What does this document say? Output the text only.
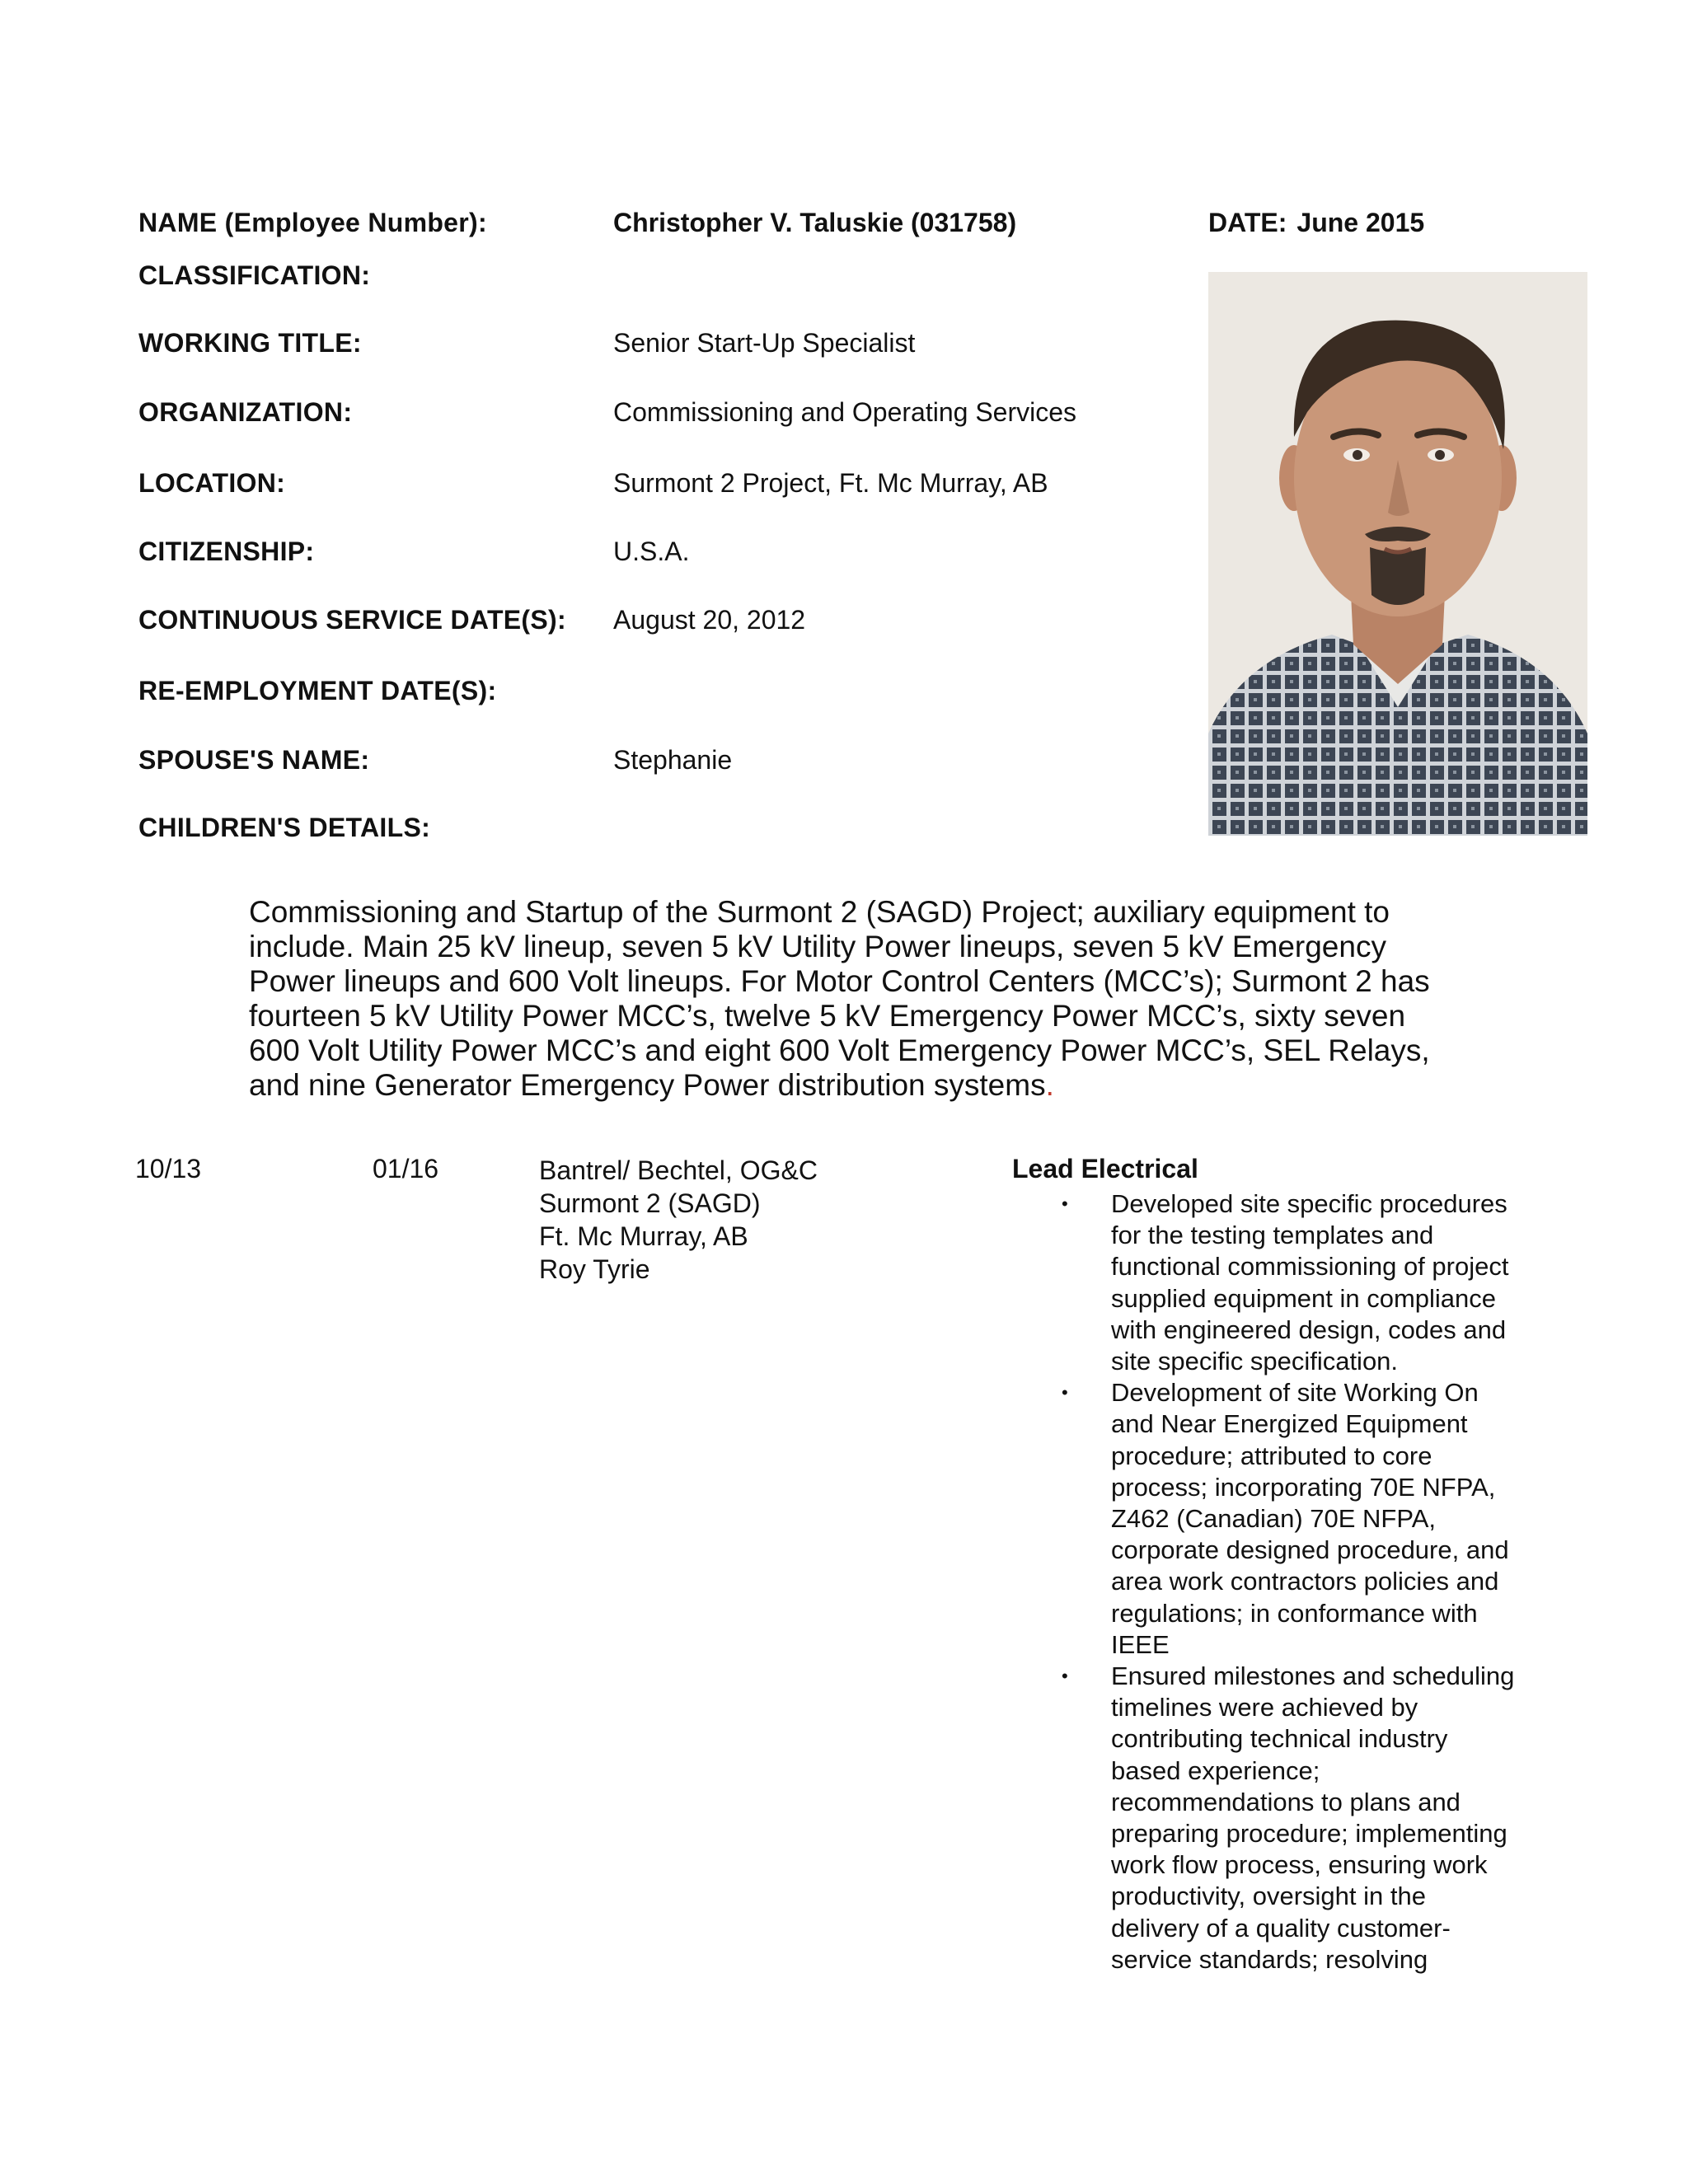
NAME (Employee Number):	Christopher V. Taluskie (031758)
CLASSIFICATION:
WORKING TITLE:	Senior Start-Up Specialist
ORGANIZATION:	Commissioning and Operating Services
LOCATION:	Surmont 2 Project, Ft. Mc Murray, AB
CITIZENSHIP:	U.S.A.
CONTINUOUS SERVICE DATE(S): August 20, 2012
RE-EMPLOYMENT DATE(S):
SPOUSE'S NAME:	Stephanie
CHILDREN'S DETAILS:
DATE: June 2015
Commissioning and Startup of the Surmont 2 (SAGD) Project; auxiliary equipment to
include. Main 25 kV lineup, seven 5 kV Utility Power lineups, seven 5 kV Emergency
Power lineups and 600 Volt lineups. For Motor Control Centers (MCC’s); Surmont 2 has
fourteen 5 kV Utility Power MCC’s, twelve 5 kV Emergency Power MCC’s, sixty seven
600 Volt Utility Power MCC’s and eight 600 Volt Emergency Power MCC’s, SEL Relays,
and nine Generator Emergency Power distribution systems.
10/13	01/16	Bantrel/ Bechtel, OG&C
Surmont 2 (SAGD)
Ft. Mc Murray, AB
Roy Tyrie
Lead Electrical
• Developed site specific procedures
for the testing templates and
functional commissioning of project
supplied equipment in compliance
with engineered design, codes and
site specific specification.
• Development of site Working On
and Near Energized Equipment
procedure; attributed to core
process; incorporating 70E NFPA,
Z462 (Canadian) 70E NFPA,
corporate designed procedure, and
area work contractors policies and
regulations; in conformance with
IEEE
• Ensured milestones and scheduling
timelines were achieved by
contributing technical industry
based experience;
recommendations to plans and
preparing procedure; implementing
work flow process, ensuring work
productivity, oversight in the
delivery of a quality customer-
service standards; resolving
